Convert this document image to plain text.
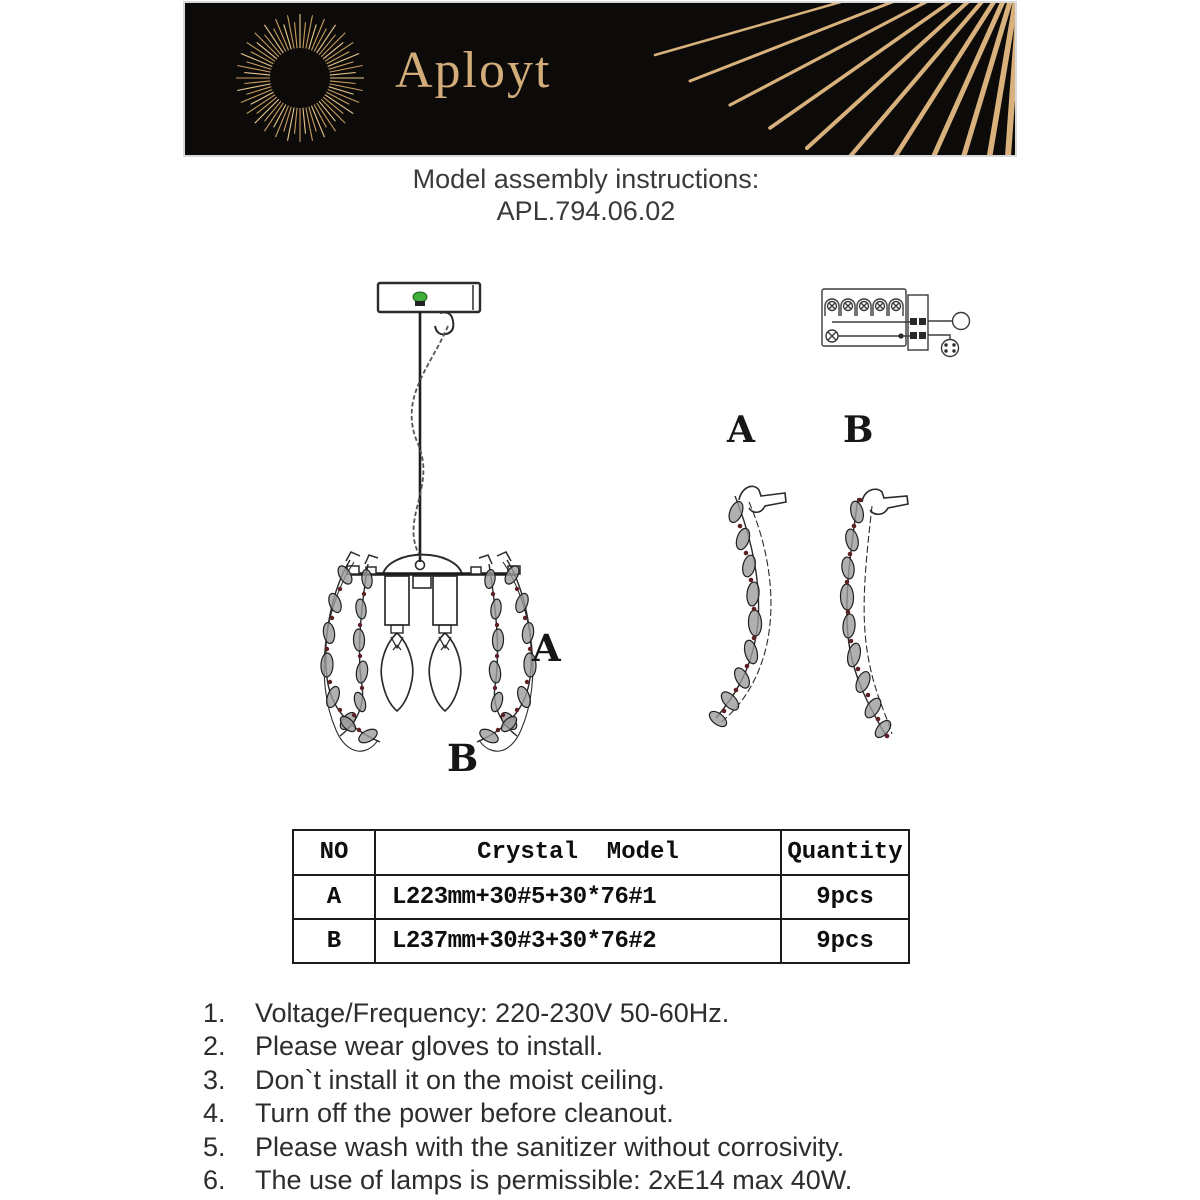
Aployt
Model assembly instructions:
APL.794.06.02
A
B
A B
NO	Crystal  Model	Quantity
A	L223mm+30#5+30*76#1	9pcs
B	L237mm+30#3+30*76#2	9pcs
1.	Voltage/Frequency: 220-230V 50-60Hz.
2.	Please wear gloves to install.
3.	Don`t install it on the moist ceiling.
4.	Turn off the power before cleanout.
5.	Please wash with the sanitizer without corrosivity.
6.	The use of lamps is permissible: 2xE14 max 40W.
